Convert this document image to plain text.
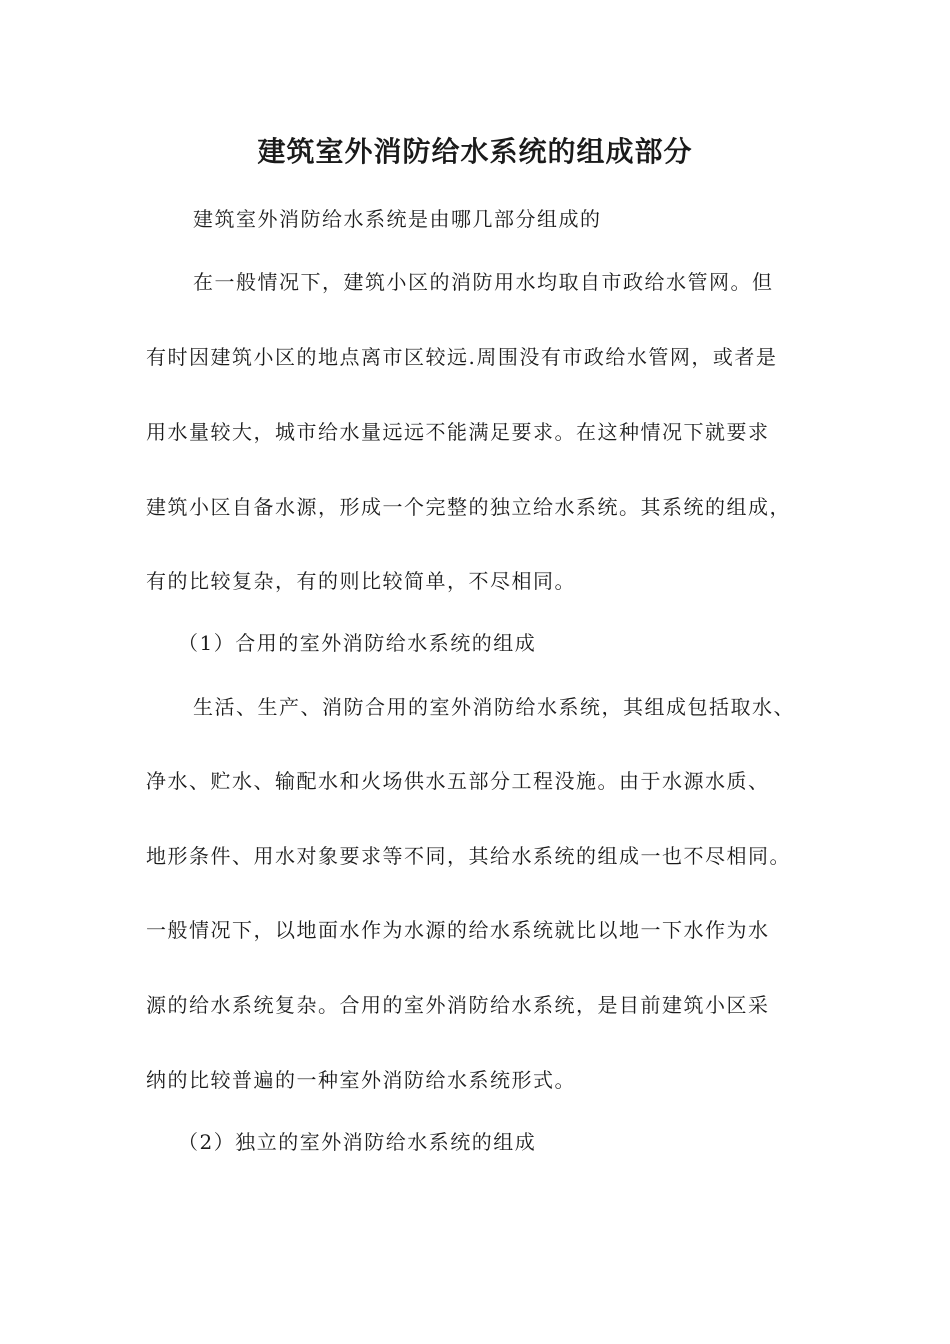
建筑室外消防给水系统的组成部分

建筑室外消防给水系统是由哪几部分组成的

在一般情况下，建筑小区的消防用水均取自市政给水管网。但

有时因建筑小区的地点离市区较远.周围没有市政给水管网，或者是

用水量较大，城市给水量远远不能满足要求。在这种情况下就要求

建筑小区自备水源，形成一个完整的独立给水系统。其系统的组成，

有的比较复杂，有的则比较简单，不尽相同。

（1）合用的室外消防给水系统的组成

生活、生产、消防合用的室外消防给水系统，其组成包括取水、

净水、贮水、输配水和火场供水五部分工程没施。由于水源水质、

地形条件、用水对象要求等不同，其给水系统的组成一也不尽相同。

一般情况下，以地面水作为水源的给水系统就比以地一下水作为水

源的给水系统复杂。合用的室外消防给水系统，是目前建筑小区采

纳的比较普遍的一种室外消防给水系统形式。

（2）独立的室外消防给水系统的组成
